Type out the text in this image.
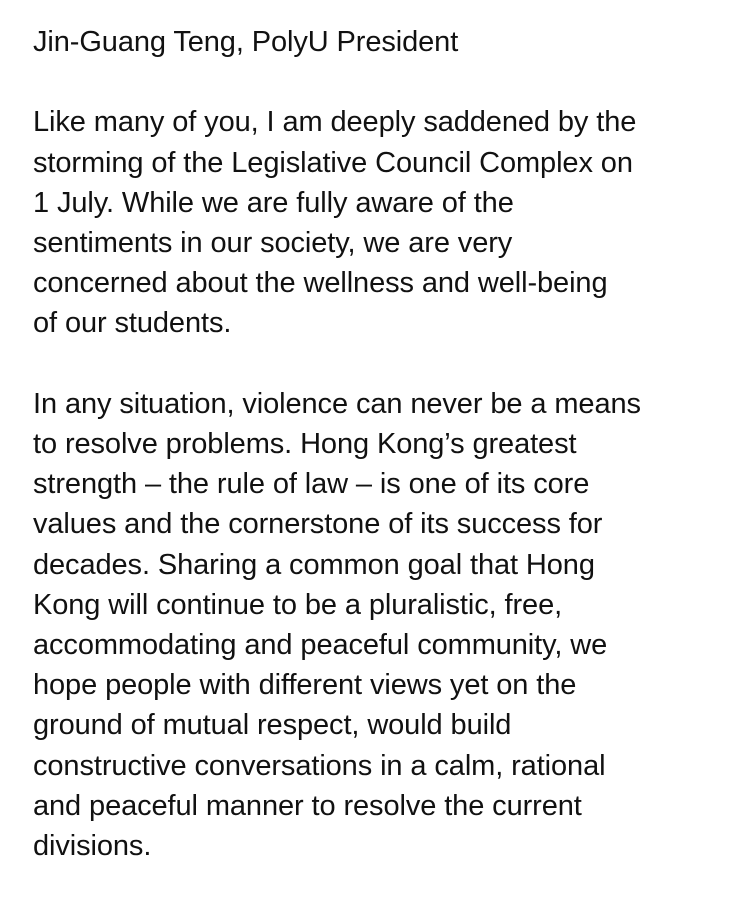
Jin-Guang Teng, PolyU President
Like many of you, I am deeply saddened by the
storming of the Legislative Council Complex on
1 July. While we are fully aware of the
sentiments in our society, we are very
concerned about the wellness and well-being
of our students.
In any situation, violence can never be a means
to resolve problems. Hong Kong’s greatest
strength – the rule of law – is one of its core
values and the cornerstone of its success for
decades. Sharing a common goal that Hong
Kong will continue to be a pluralistic, free,
accommodating and peaceful community, we
hope people with different views yet on the
ground of mutual respect, would build
constructive conversations in a calm, rational
and peaceful manner to resolve the current
divisions.
